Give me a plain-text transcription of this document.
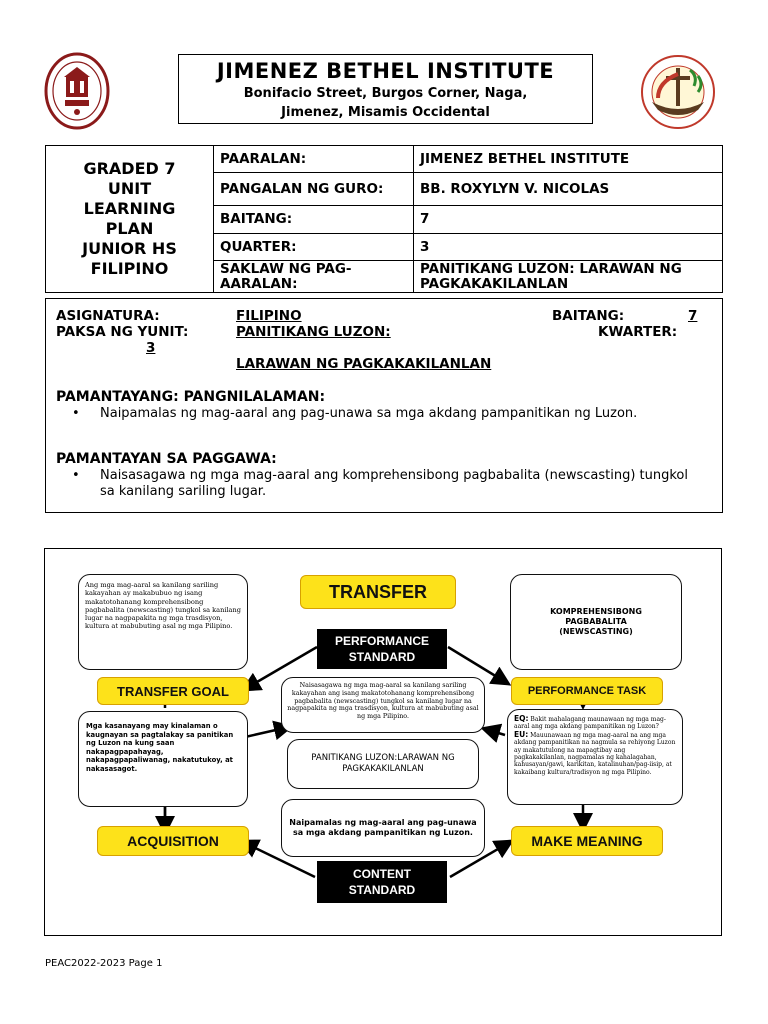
JIMENEZ BETHEL INSTITUTE
Bonifacio Street, Burgos Corner, Naga,
Jimenez, Misamis Occidental
GRADED 7
UNIT
LEARNING
PLAN
JUNIOR HS
FILIPINO
PAARALAN:	JIMENEZ BETHEL INSTITUTE
PANGALAN NG GURO:	BB. ROXYLYN V. NICOLAS
BAITANG:	7
QUARTER:	3
SAKLAW NG PAG-AARALAN:
PANITIKANG LUZON: LARAWAN NG PAGKAKAKILANLAN
ASIGNATURA:	FILIPINO	BAITANG:	7
PAKSA NG YUNIT:	PANITIKANG LUZON:	KWARTER:
3
LARAWAN NG PAGKAKAKILANLAN
PAMANTAYANG: PANGNILALAMAN:
•	Naipamalas ng mag-aaral ang pag-unawa sa mga akdang pampanitikan ng Luzon.
PAMANTAYAN SA PAGGAWA:
•	Naisasagawa ng mga mag-aaral ang komprehensibong pagbabalita (newscasting) tungkol sa kanilang sariling lugar.
TRANSFER
Ang mga mag-aaral sa kanilang sariling kakayahan ay makabubuo ng isang makatotohanang komprehensibong pagbabalita (newscasting) tungkol sa kanilang lugar na nagpapakita ng mga trasdisyon, kultura at mabubuting asal ng mga Pilipino.
PERFORMANCE
STANDARD
KOMPREHENSIBONG
PAGBABALITA
(NEWSCASTING)
TRANSFER GOAL	Naisasagawa ng mga mag-aaral sa kanilang sariling kakayahan ang isang makatotohanang komprehensibong pagbabalita (newscasting) tungkol sa kanilang lugar na nagpapakita ng mga trasdisyon, kultura at mabubuting asal ng mga Pilipino.
PERFORMANCE TASK
Mga kasanayang may kinalaman o kaugnayan sa pagtalakay sa panitikan ng Luzon na kung saan nakapagpapahayag, nakapagpapaliwanag, nakatutukoy, at nakasasagot.
PANITIKANG LUZON:LARAWAN NG PAGKAKAKILANLAN
EQ: Bakit mahalagang maunawaan ng mga mag-aaral ang mga akdang pampanitikan ng Luzon?
EU: Mauunawaan ng mga mag-aaral na ang mga akdang pampanitikan na nagmula sa rehiyong Luzon ay makatutulong na mapagtibay ang pagkakakilanlan, nagpamalas ng kahalagahan, kahusayan/gawi, karikitan, katalinuhan/pag-iisip, at kakaibang kultura/tradisyon ng mga Pilipino.
Naipamalas ng mag-aaral ang pag-unawa sa mga akdang pampanitikan ng Luzon.
ACQUISITION	MAKE MEANING
CONTENT
STANDARD
PEAC2022-2023 Page 1
